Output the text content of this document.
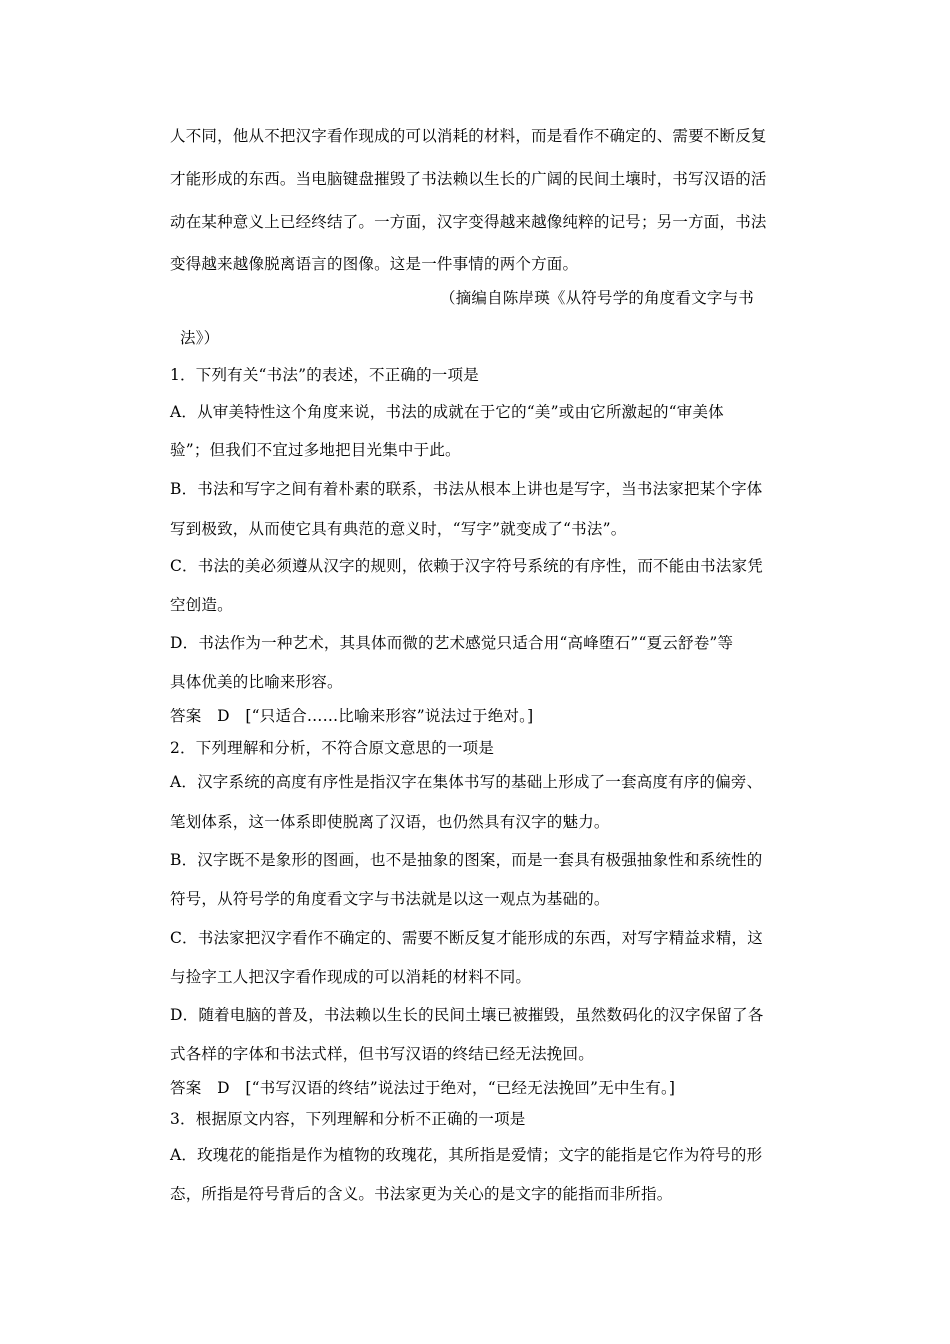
人不同，他从不把汉字看作现成的可以消耗的材料，而是看作不确定的、需要不断反复
才能形成的东西。当电脑键盘摧毁了书法赖以生长的广阔的民间土壤时，书写汉语的活
动在某种意义上已经终结了。一方面，汉字变得越来越像纯粹的记号；另一方面，书法
变得越来越像脱离语言的图像。这是一件事情的两个方面。
（摘编自陈岸瑛《从符号学的角度看文字与书
法》）
1．下列有关“书法”的表述，不正确的一项是
A．从审美特性这个角度来说，书法的成就在于它的“美”或由它所激起的“审美体
验”；但我们不宜过多地把目光集中于此。
B．书法和写字之间有着朴素的联系，书法从根本上讲也是写字，当书法家把某个字体
写到极致，从而使它具有典范的意义时，“写字”就变成了“书法”。
C．书法的美必须遵从汉字的规则，依赖于汉字符号系统的有序性，而不能由书法家凭
空创造。
D．书法作为一种艺术，其具体而微的艺术感觉只适合用“高峰堕石”“夏云舒卷”等
具体优美的比喻来形容。
答案　D　[“只适合……比喻来形容”说法过于绝对。]
2．下列理解和分析，不符合原文意思的一项是
A．汉字系统的高度有序性是指汉字在集体书写的基础上形成了一套高度有序的偏旁、
笔划体系，这一体系即使脱离了汉语，也仍然具有汉字的魅力。
B．汉字既不是象形的图画，也不是抽象的图案，而是一套具有极强抽象性和系统性的
符号，从符号学的角度看文字与书法就是以这一观点为基础的。
C．书法家把汉字看作不确定的、需要不断反复才能形成的东西，对写字精益求精，这
与捡字工人把汉字看作现成的可以消耗的材料不同。
D．随着电脑的普及，书法赖以生长的民间土壤已被摧毁，虽然数码化的汉字保留了各
式各样的字体和书法式样，但书写汉语的终结已经无法挽回。
答案　D　[“书写汉语的终结”说法过于绝对，“已经无法挽回”无中生有。]
3．根据原文内容，下列理解和分析不正确的一项是
A．玫瑰花的能指是作为植物的玫瑰花，其所指是爱情；文字的能指是它作为符号的形
态，所指是符号背后的含义。书法家更为关心的是文字的能指而非所指。
